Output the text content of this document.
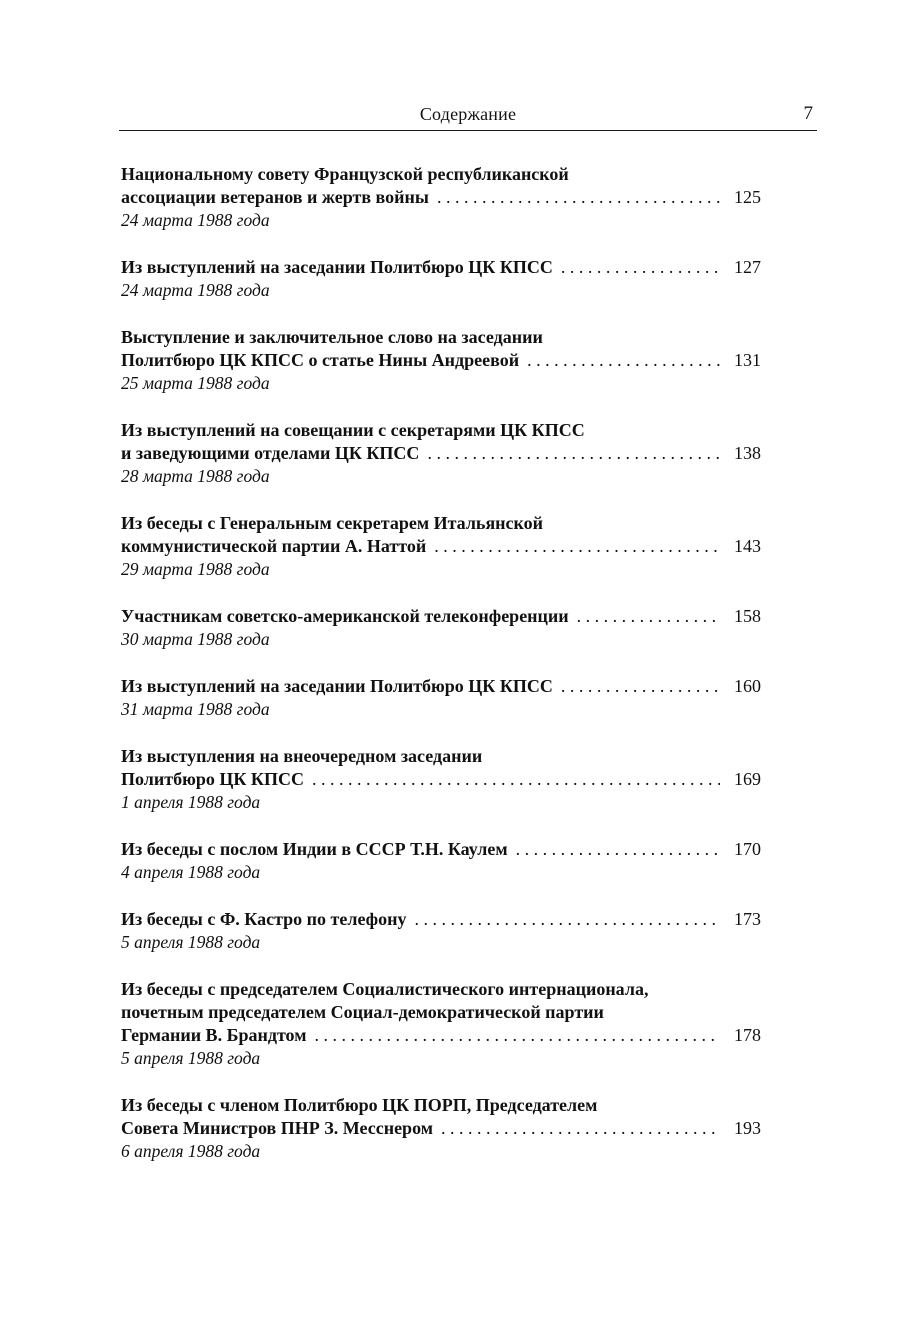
Содержание	7
Национальному совету Французской республиканской
ассоциации ветеранов и жертв войны . . .	125
24 марта 1988 года
Из выступлений на заседании Политбюро ЦК КПСС . . .	127
24 марта 1988 года
Выступление и заключительное слово на заседании
Политбюро ЦК КПСС о статье Нины Андреевой . . .	131
25 марта 1988 года
Из выступлений на совещании с секретарями ЦК КПСС
и заведующими отделами ЦК КПСС . . .	138
28 марта 1988 года
Из беседы с Генеральным секретарем Итальянской
коммунистической партии А. Наттой . . .	143
29 марта 1988 года
Участникам советско-американской телеконференции . . .	158
30 марта 1988 года
Из выступлений на заседании Политбюро ЦК КПСС . . .	160
31 марта 1988 года
Из выступления на внеочередном заседании
Политбюро ЦК КПСС . . .	169
1 апреля 1988 года
Из беседы с послом Индии в СССР Т.Н. Каулем . . .	170
4 апреля 1988 года
Из беседы с Ф. Кастро по телефону . . .	173
5 апреля 1988 года
Из беседы с председателем Социалистического интернационала,
почетным председателем Социал-демократической партии
Германии В. Брандтом . . .	178
5 апреля 1988 года
Из беседы с членом Политбюро ЦК ПОРП, Председателем
Совета Министров ПНР З. Месснером . . .	193
6 апреля 1988 года
